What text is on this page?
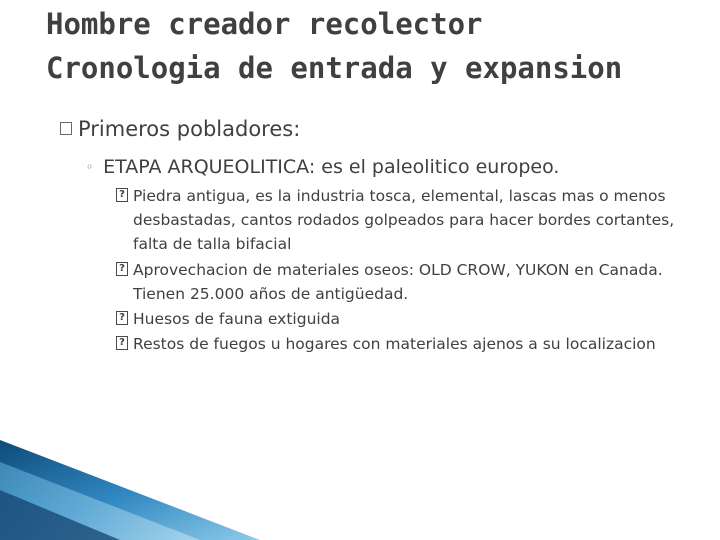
Hombre creador recolector
Cronologia de entrada y expansion
Primeros pobladores:
◦ ETAPA ARQUEOLITICA: es el paleolitico europeo.
? Piedra antigua, es la industria tosca, elemental, lascas mas o menos desbastadas, cantos rodados golpeados para hacer bordes cortantes, falta de talla bifacial
? Aprovechacion de materiales oseos: OLD CROW, YUKON en Canada. Tienen 25.000 años de antigüedad.
? Huesos de fauna extiguida
? Restos de fuegos u hogares con materiales ajenos a su localizacion
